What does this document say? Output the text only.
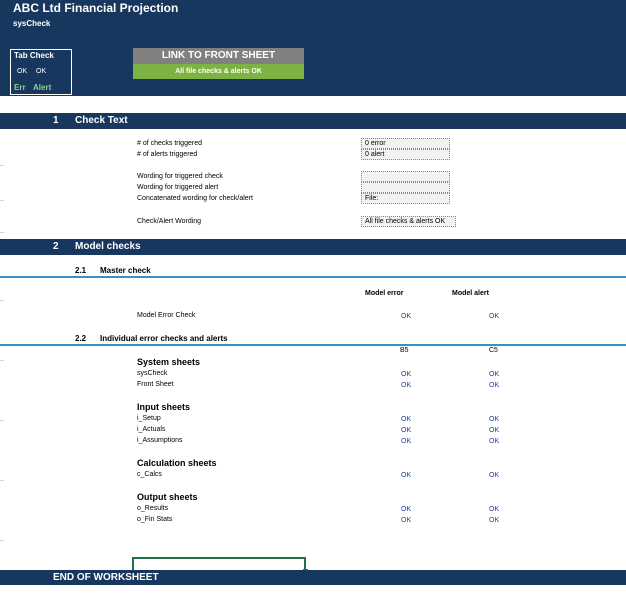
ABC Ltd Financial Projection
sysCheck
Tab Check
OK OK
Err Alert
LINK TO FRONT SHEET
All file checks & alerts OK
1 Check Text
# of checks triggered	0 error
# of alerts triggered	0 alert
Wording for triggered check
Wording for triggered alert
Concatenated wording for check/alert	File:
Check/Alert Wording	All file checks & alerts OK
2 Model checks
2.1 Master check
Model error	Model alert
Model Error Check	OK	OK
2.2 Individual error checks and alerts
B5	C5
System sheets
sysCheck	OK	OK
Front Sheet	OK	OK
Input sheets
i_Setup	OK	OK
i_Actuals	OK	OK
i_Assumptions	OK	OK
Calculation sheets
c_Calcs	OK	OK
Output sheets
o_Results	OK	OK
o_Fin Stats	OK	OK
END OF WORKSHEET
